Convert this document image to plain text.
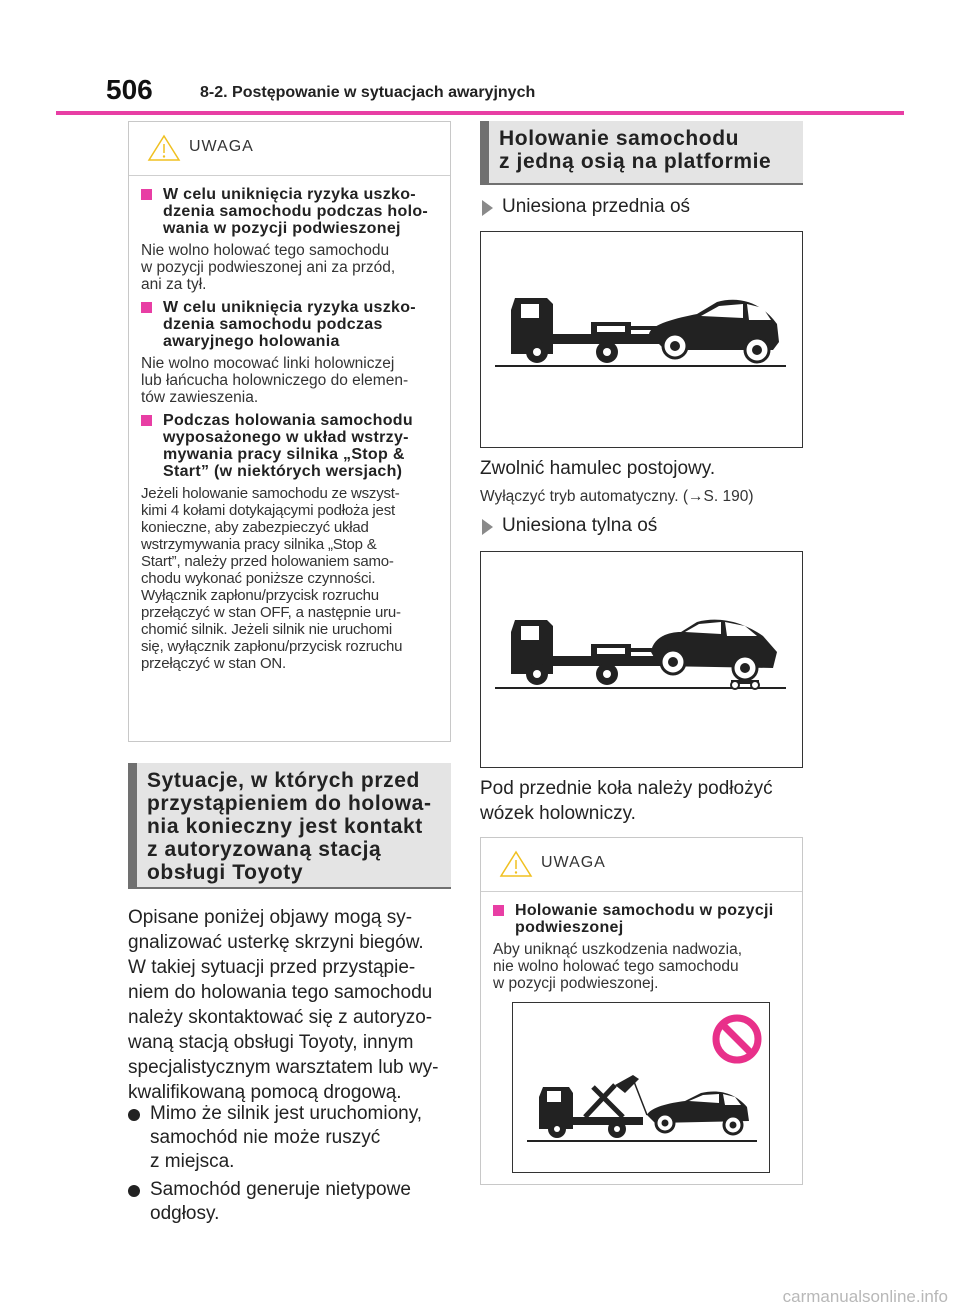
506	8-2. Postępowanie w sytuacjach awaryjnych
UWAGA
W celu uniknięcia ryzyka uszko-
dzenia samochodu podczas holo-
wania w pozycji podwieszonej
Nie wolno holować tego samochodu
w pozycji podwieszonej ani za przód,
ani za tył.
W celu uniknięcia ryzyka uszko-
dzenia samochodu podczas
awaryjnego holowania
Nie wolno mocować linki holowniczej
lub łańcucha holowniczego do elemen-
tów zawieszenia.
Podczas holowania samochodu
wyposażonego w układ wstrzy-
mywania pracy silnika „Stop &
Start” (w niektórych wersjach)
Jeżeli holowanie samochodu ze wszyst-
kimi 4 kołami dotykającymi podłoża jest
konieczne, aby zabezpieczyć układ
wstrzymywania pracy silnika „Stop &
Start”, należy przed holowaniem samo-
chodu wykonać poniższe czynności.
Wyłącznik zapłonu/przycisk rozruchu
przełączyć w stan OFF, a następnie uru-
chomić silnik. Jeżeli silnik nie uruchomi
się, wyłącznik zapłonu/przycisk rozruchu
przełączyć w stan ON.
Sytuacje, w których przed
przystąpieniem do holowa-
nia konieczny jest kontakt
z autoryzowaną stacją
obsługi Toyoty
Opisane poniżej objawy mogą sy-
gnalizować usterkę skrzyni biegów.
W takiej sytuacji przed przystąpie-
niem do holowania tego samochodu
należy skontaktować się z autoryzo-
waną stacją obsługi Toyoty, innym
specjalistycznym warsztatem lub wy-
kwalifikowaną pomocą drogową.
Mimo że silnik jest uruchomiony,
samochód nie może ruszyć
z miejsca.
Samochód generuje nietypowe
odgłosy.
Holowanie samochodu
z jedną osią na platformie
Uniesiona przednia oś
Zwolnić hamulec postojowy.
Wyłączyć tryb automatyczny. (→S. 190)
Uniesiona tylna oś
Pod przednie koła należy podłożyć
wózek holowniczy.
UWAGA
Holowanie samochodu w pozycji
podwieszonej
Aby uniknąć uszkodzenia nadwozia,
nie wolno holować tego samochodu
w pozycji podwieszonej.
carmanualsonline.info
